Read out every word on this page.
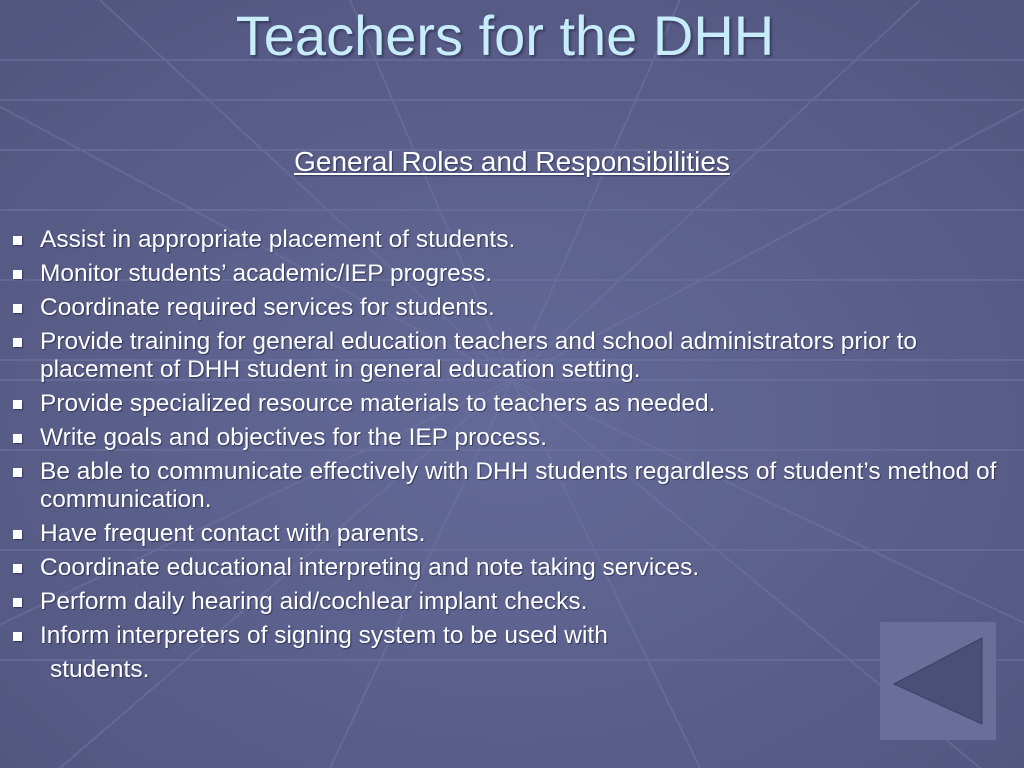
Teachers for the DHH
General Roles and Responsibilities
Assist in appropriate placement of students.
Monitor students’ academic/IEP progress.
Coordinate required services for students.
Provide training for general education teachers and school administrators prior to placement of DHH student in general education setting.
Provide specialized resource materials to teachers as needed.
Write goals and objectives for the IEP process.
Be able to communicate effectively with DHH students regardless of student’s method of communication.
Have frequent contact with parents.
Coordinate educational interpreting and note taking services.
Perform daily hearing aid/cochlear implant checks.
Inform interpreters of signing system to be used with
students.
